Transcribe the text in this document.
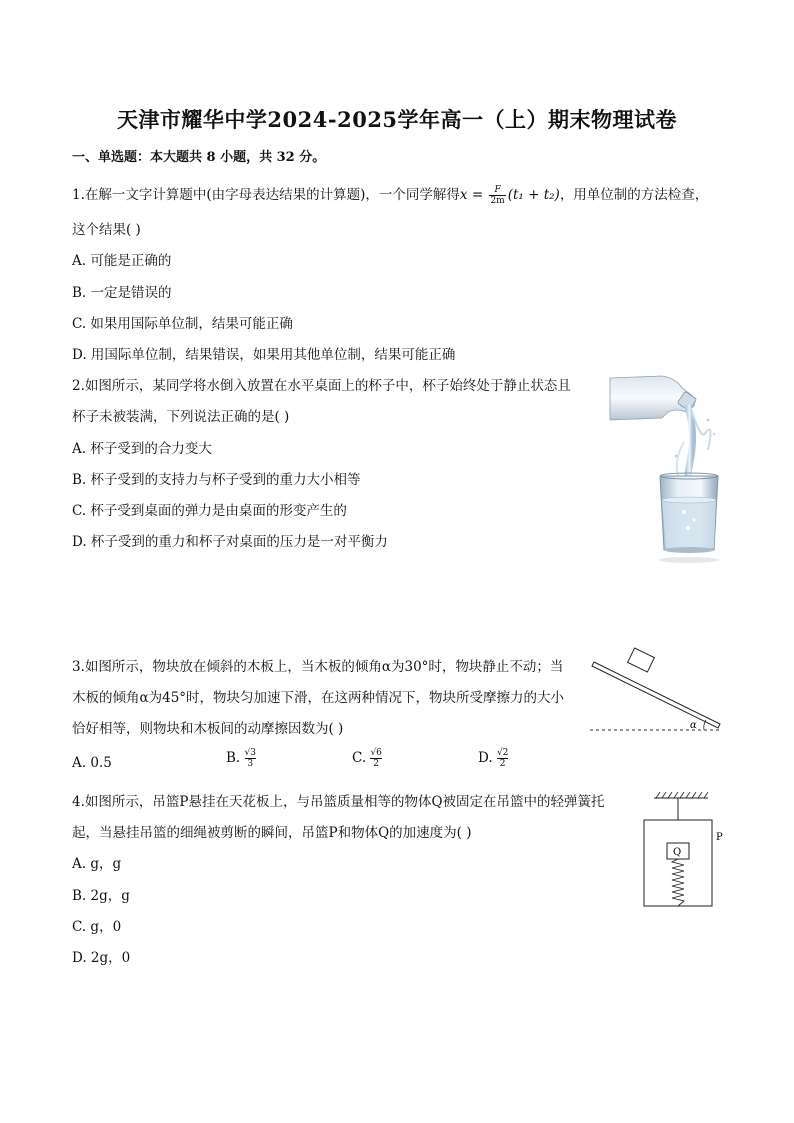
天津市耀华中学2024-2025学年高一（上）期末物理试卷
一、单选题：本大题共 8 小题，共 32 分。
1.在解一文字计算题中(由字母表达结果的计算题)，一个同学解得$x = \frac{F}{2m} (t_1 + t_2)$，用单位制的方法检查，
这个结果( )
A. 可能是正确的
B. 一定是错误的
C. 如果用国际单位制，结果可能正确
D. 用国际单位制，结果错误，如果用其他单位制，结果可能正确
2.如图所示，某同学将水倒入放置在水平桌面上的杯子中，杯子始终处于静止状态且
杯子未被装满，下列说法正确的是( )
A. 杯子受到的合力变大
B. 杯子受到的支持力与杯子受到的重力大小相等
C. 杯子受到桌面的弹力是由桌面的形变产生的
D. 杯子受到的重力和杯子对桌面的压力是一对平衡力
3.如图所示，物块放在倾斜的木板上，当木板的倾角α为30°时，物块静止不动；当
木板的倾角α为45°时，物块匀加速下滑，在这两种情况下，物块所受摩擦力的大小
恰好相等，则物块和木板间的动摩擦因数为( )
A. 0.5	B. $\frac{√3}{3}$	C. $\frac{√6}{2}$	D. $\frac{√2}{2}$
α
4.如图所示，吊篮P悬挂在天花板上，与吊篮质量相等的物体Q被固定在吊篮中的轻弹簧托
起，当悬挂吊篮的细绳被剪断的瞬间，吊篮P和物体Q的加速度为( )
A. g，g
B. 2g，g
C. g，0
D. 2g，0
P
Q
